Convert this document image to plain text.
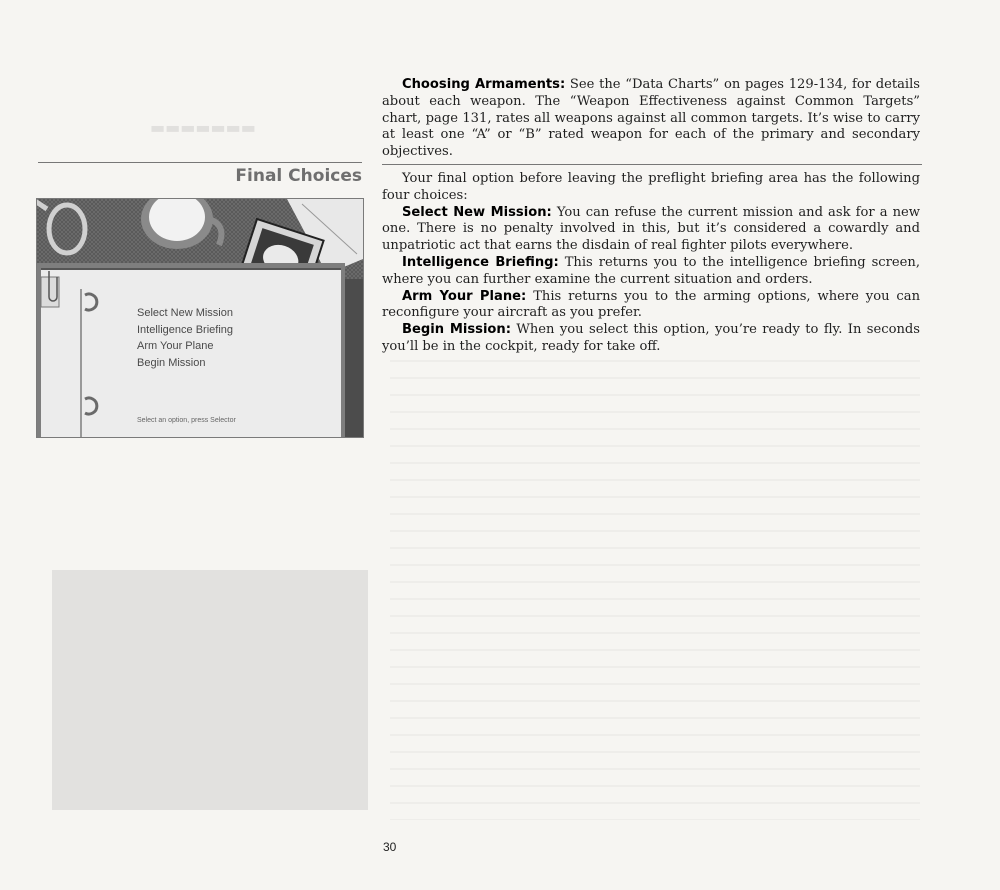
▬▬▬▬▬▬▬
Final Choices

Choosing Armaments: See the “Data Charts” on pages 129-134, for details about each weapon. The “Weapon Effectiveness against Common Targets” chart, page 131, rates all weapons against all common targets. It’s wise to carry at least one “A” or “B” rated weapon for each of the primary and secondary objectives.

Your final option before leaving the preflight briefing area has the following four choices:

Select New Mission: You can refuse the current mission and ask for a new one. There is no penalty involved in this, but it’s considered a cowardly and unpatriotic act that earns the disdain of real fighter pilots everywhere.

Intelligence Briefing: This returns you to the intelligence briefing screen, where you can further examine the current situation and orders.

Arm Your Plane: This returns you to the arming options, where you can reconfigure your aircraft as you prefer.

Begin Mission: When you select this option, you’re ready to fly. In seconds you’ll be in the cockpit, ready for take off.

Select New Mission
Intelligence Briefing
Arm Your Plane
Begin Mission
Select an option, press Selector
30
